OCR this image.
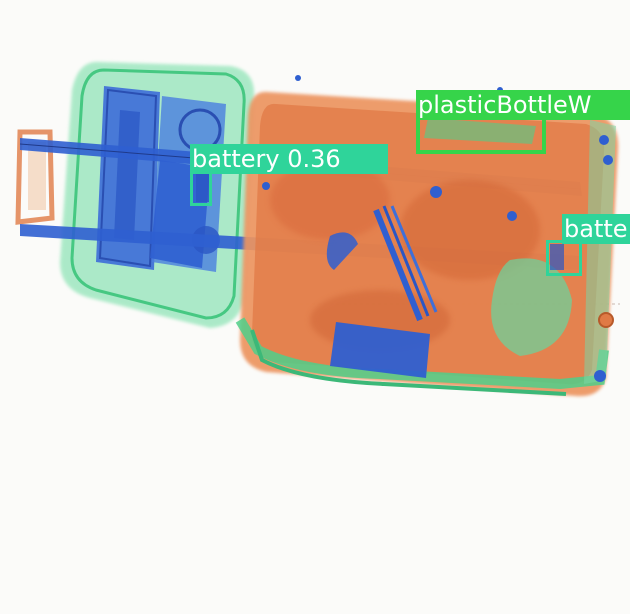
battery 0.36
plasticBottleW
batte
